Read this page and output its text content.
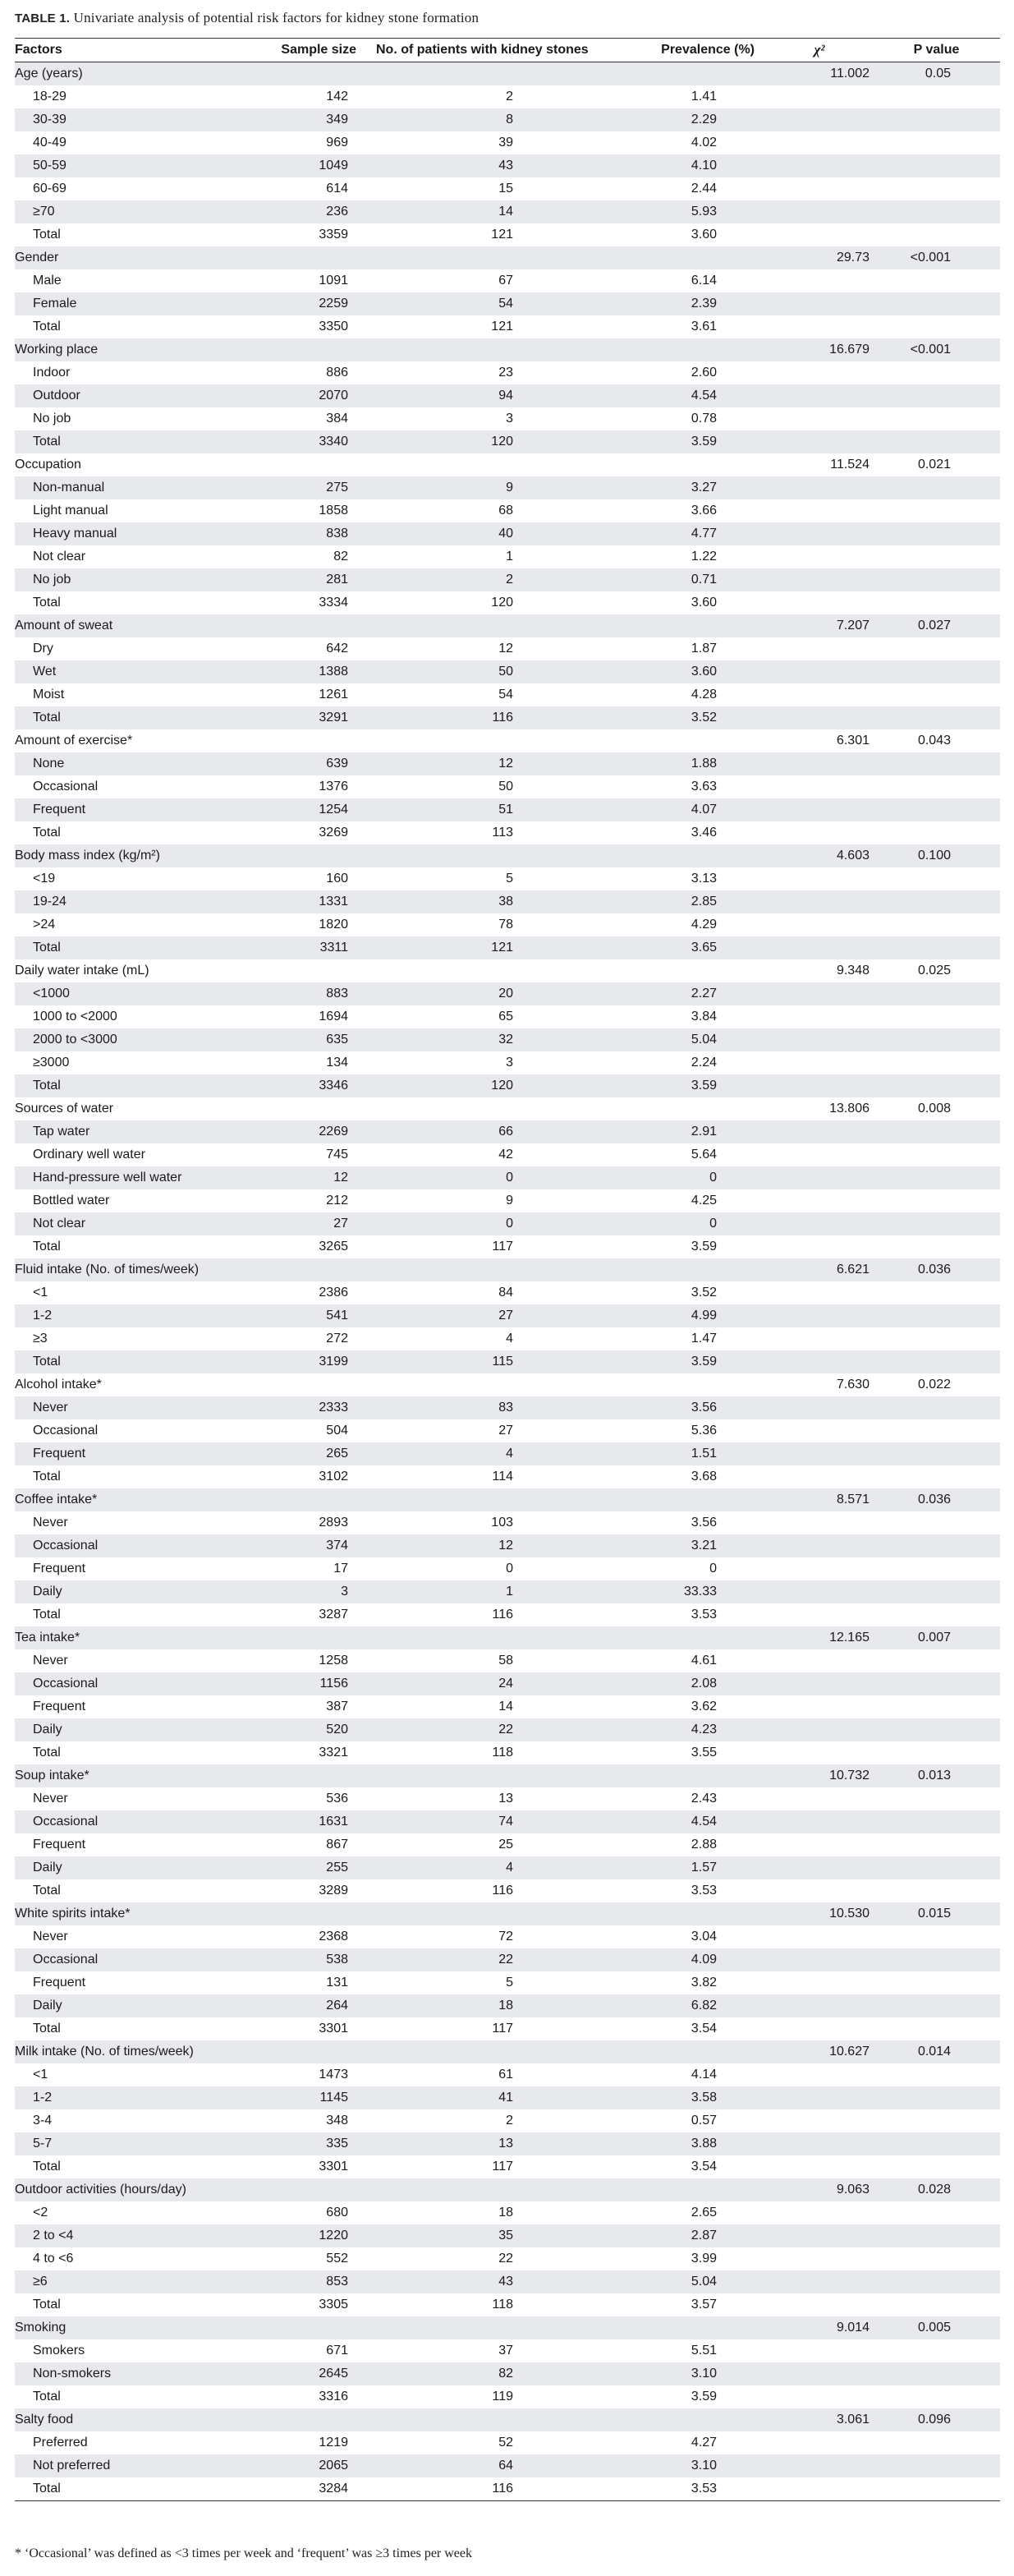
TABLE 1. Univariate analysis of potential risk factors for kidney stone formation
Factors	Sample size	No. of patients with kidney stones	Prevalence (%)	χ²	P value
Age (years)				11.002	0.05
18-29	142	2	1.41		
30-39	349	8	2.29		
40-49	969	39	4.02		
50-59	1049	43	4.10		
60-69	614	15	2.44		
≥70	236	14	5.93		
Total	3359	121	3.60		
Gender				29.73	<0.001
Male	1091	67	6.14		
Female	2259	54	2.39		
Total	3350	121	3.61		
Working place				16.679	<0.001
Indoor	886	23	2.60		
Outdoor	2070	94	4.54		
No job	384	3	0.78		
Total	3340	120	3.59		
Occupation				11.524	0.021
Non-manual	275	9	3.27		
Light manual	1858	68	3.66		
Heavy manual	838	40	4.77		
Not clear	82	1	1.22		
No job	281	2	0.71		
Total	3334	120	3.60		
Amount of sweat				7.207	0.027
Dry	642	12	1.87		
Wet	1388	50	3.60		
Moist	1261	54	4.28		
Total	3291	116	3.52		
Amount of exercise*				6.301	0.043
None	639	12	1.88		
Occasional	1376	50	3.63		
Frequent	1254	51	4.07		
Total	3269	113	3.46		
Body mass index (kg/m²)				4.603	0.100
<19	160	5	3.13		
19-24	1331	38	2.85		
>24	1820	78	4.29		
Total	3311	121	3.65		
Daily water intake (mL)				9.348	0.025
<1000	883	20	2.27		
1000 to <2000	1694	65	3.84		
2000 to <3000	635	32	5.04		
≥3000	134	3	2.24		
Total	3346	120	3.59		
Sources of water				13.806	0.008
Tap water	2269	66	2.91		
Ordinary well water	745	42	5.64		
Hand-pressure well water	12	0	0		
Bottled water	212	9	4.25		
Not clear	27	0	0		
Total	3265	117	3.59		
Fluid intake (No. of times/week)				6.621	0.036
<1	2386	84	3.52		
1-2	541	27	4.99		
≥3	272	4	1.47		
Total	3199	115	3.59		
Alcohol intake*				7.630	0.022
Never	2333	83	3.56		
Occasional	504	27	5.36		
Frequent	265	4	1.51		
Total	3102	114	3.68		
Coffee intake*				8.571	0.036
Never	2893	103	3.56		
Occasional	374	12	3.21		
Frequent	17	0	0		
Daily	3	1	33.33		
Total	3287	116	3.53		
Tea intake*				12.165	0.007
Never	1258	58	4.61		
Occasional	1156	24	2.08		
Frequent	387	14	3.62		
Daily	520	22	4.23		
Total	3321	118	3.55		
Soup intake*				10.732	0.013
Never	536	13	2.43		
Occasional	1631	74	4.54		
Frequent	867	25	2.88		
Daily	255	4	1.57		
Total	3289	116	3.53		
White spirits intake*				10.530	0.015
Never	2368	72	3.04		
Occasional	538	22	4.09		
Frequent	131	5	3.82		
Daily	264	18	6.82		
Total	3301	117	3.54		
Milk intake (No. of times/week)				10.627	0.014
<1	1473	61	4.14		
1-2	1145	41	3.58		
3-4	348	2	0.57		
5-7	335	13	3.88		
Total	3301	117	3.54		
Outdoor activities (hours/day)				9.063	0.028
<2	680	18	2.65		
2 to <4	1220	35	2.87		
4 to <6	552	22	3.99		
≥6	853	43	5.04		
Total	3305	118	3.57		
Smoking				9.014	0.005
Smokers	671	37	5.51		
Non-smokers	2645	82	3.10		
Total	3316	119	3.59		
Salty food				3.061	0.096
Preferred	1219	52	4.27		
Not preferred	2065	64	3.10		
Total	3284	116	3.53		
* ‘Occasional’ was defined as <3 times per week and ‘frequent’ was ≥3 times per week
